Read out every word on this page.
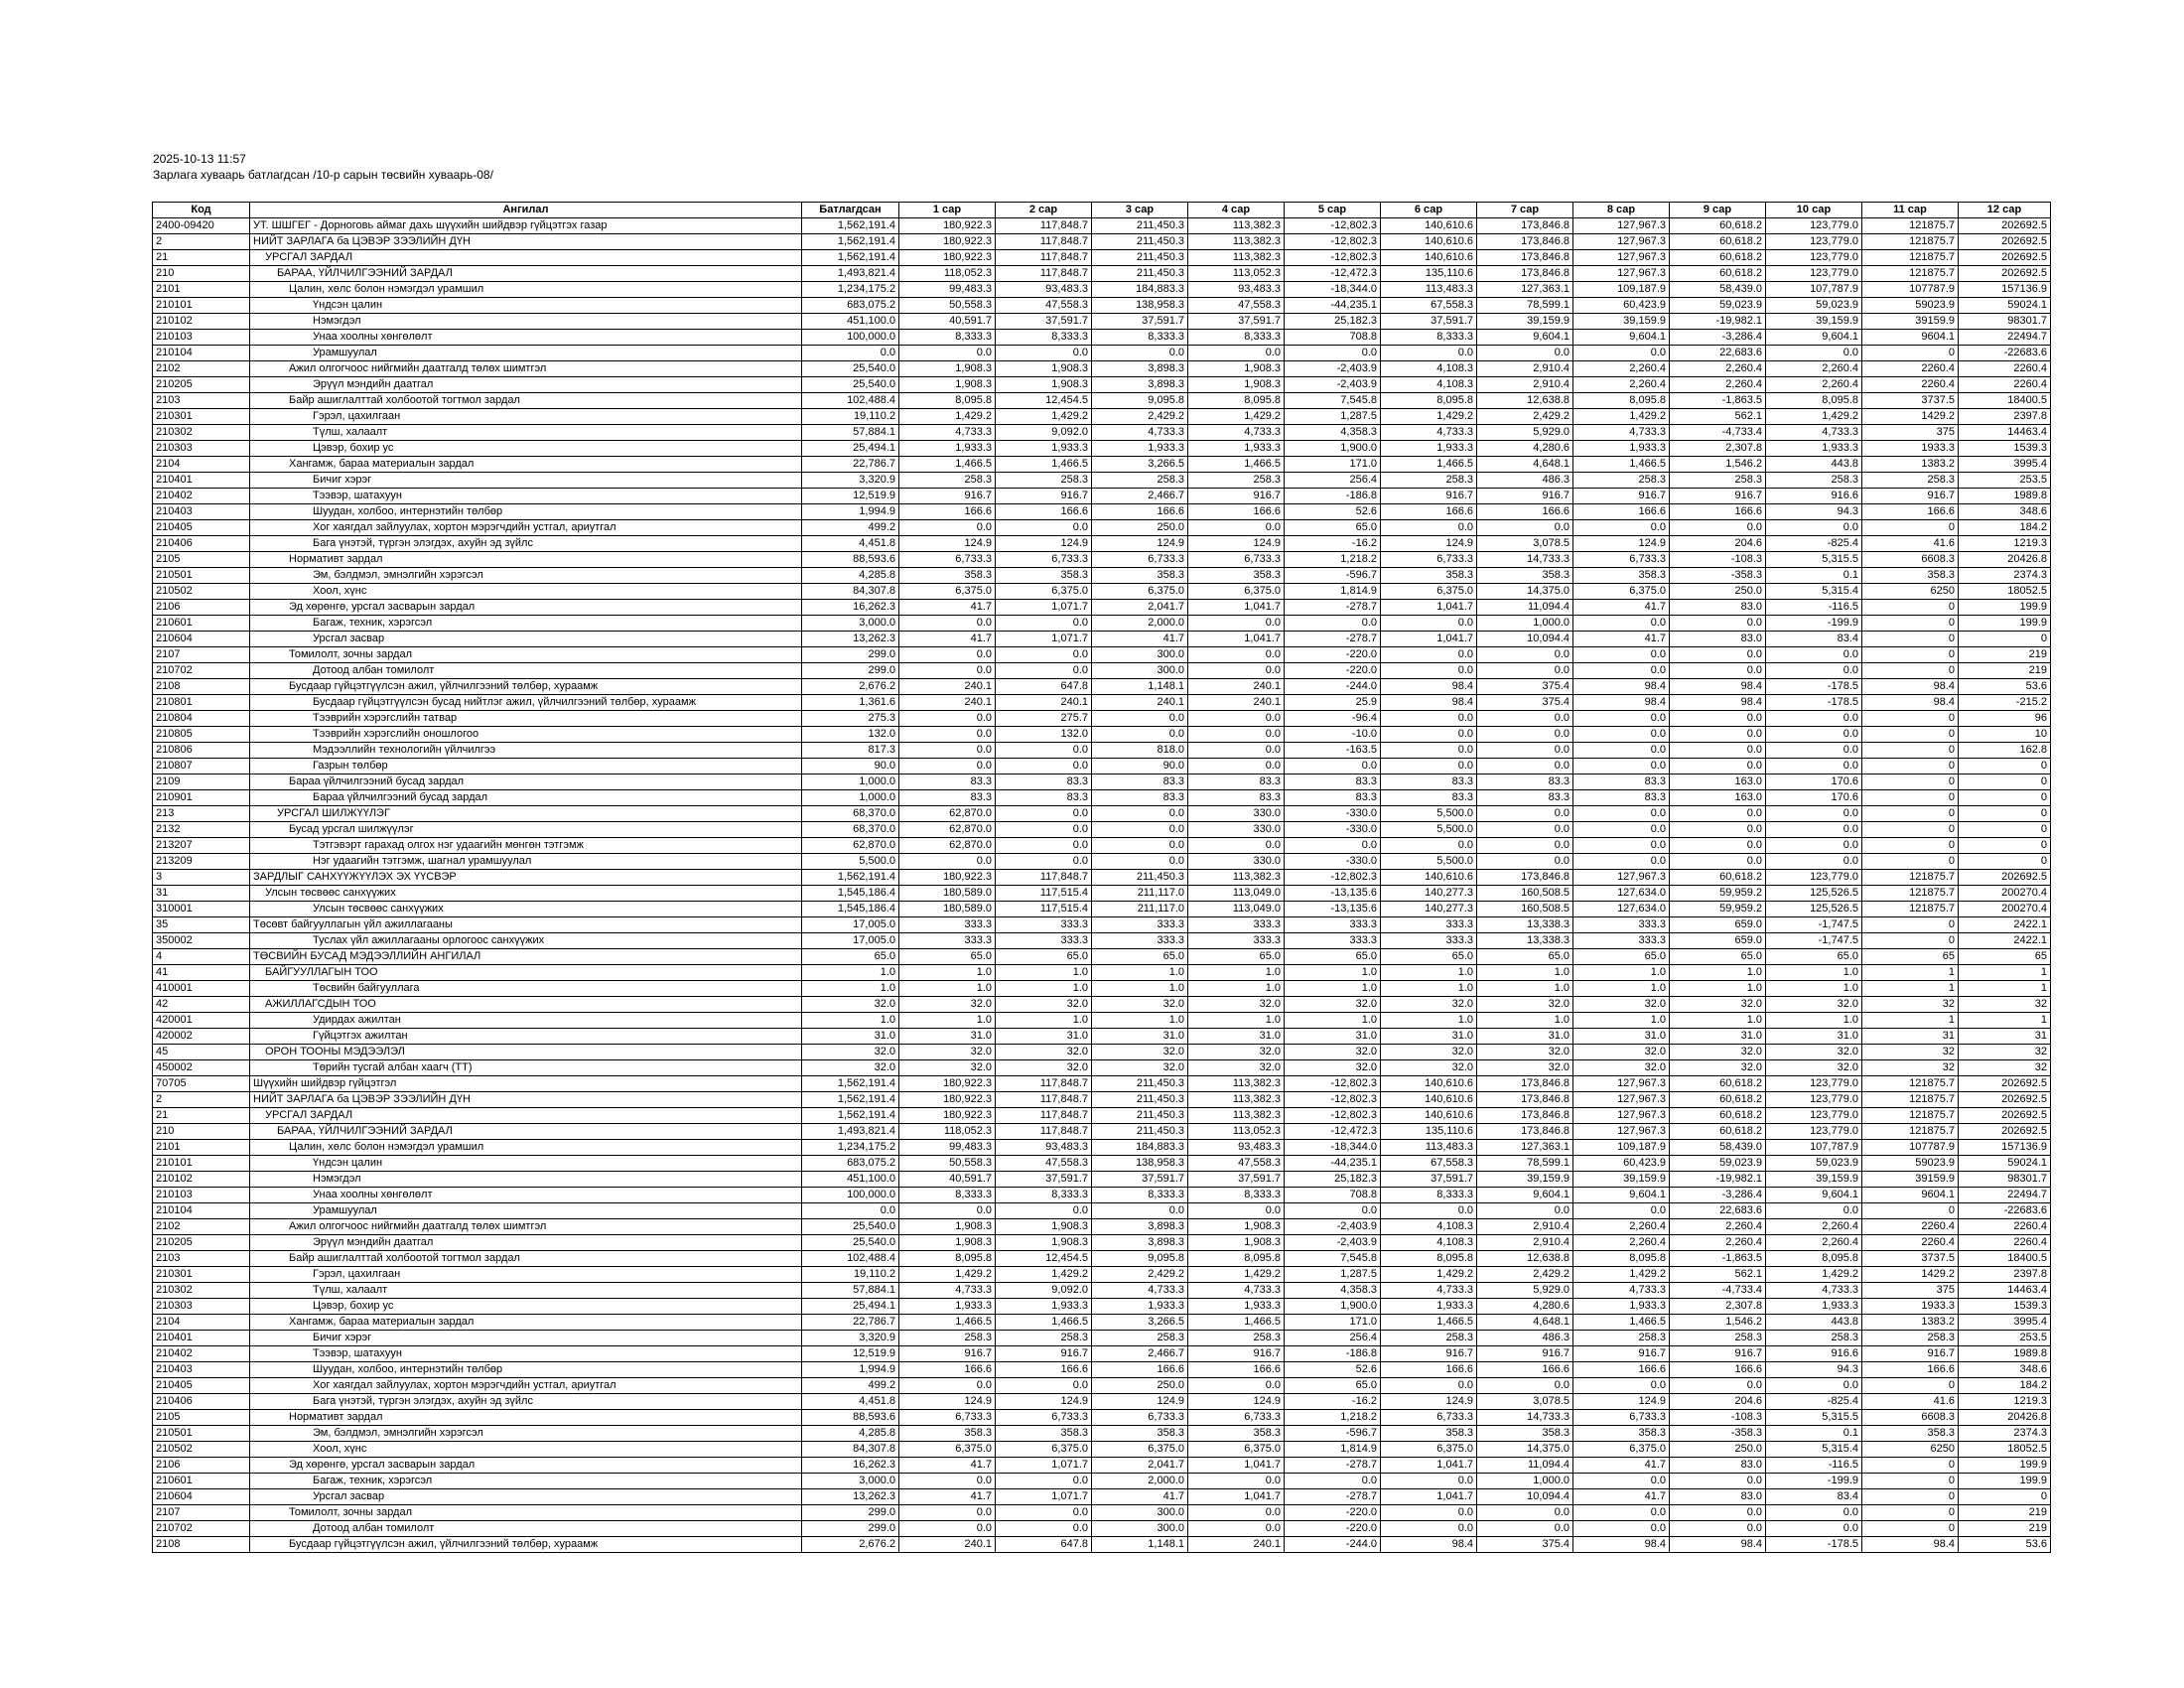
2025-10-13 11:57
Зарлага хуваарь батлагдсан /10-р сарын төсвийн хуваарь-08/
Код	Ангилал	Батлагдсан	1 сар	2 сар	3 сар	4 сар	5 сар	6 сар	7 сар	8 сар	9 сар	10 сар	11 сар	12 сар
2400-09420	УТ. ШШГЕГ - Дорноговь аймаг дахь шүүхийн шийдвэр гүйцэтгэх газар	1,562,191.4	180,922.3	117,848.7	211,450.3	113,382.3	-12,802.3	140,610.6	173,846.8	127,967.3	60,618.2	123,779.0	121875.7	202692.5
2	НИЙТ ЗАРЛАГА ба ЦЭВЭР ЗЭЭЛИЙН ДҮН	1,562,191.4	180,922.3	117,848.7	211,450.3	113,382.3	-12,802.3	140,610.6	173,846.8	127,967.3	60,618.2	123,779.0	121875.7	202692.5
21	УРСГАЛ ЗАРДАЛ	1,562,191.4	180,922.3	117,848.7	211,450.3	113,382.3	-12,802.3	140,610.6	173,846.8	127,967.3	60,618.2	123,779.0	121875.7	202692.5
210	БАРАА, ҮЙЛЧИЛГЭЭНИЙ ЗАРДАЛ	1,493,821.4	118,052.3	117,848.7	211,450.3	113,052.3	-12,472.3	135,110.6	173,846.8	127,967.3	60,618.2	123,779.0	121875.7	202692.5
2101	Цалин, хөлс болон нэмэгдэл урамшил	1,234,175.2	99,483.3	93,483.3	184,883.3	93,483.3	-18,344.0	113,483.3	127,363.1	109,187.9	58,439.0	107,787.9	107787.9	157136.9
210101	Үндсэн цалин	683,075.2	50,558.3	47,558.3	138,958.3	47,558.3	-44,235.1	67,558.3	78,599.1	60,423.9	59,023.9	59,023.9	59023.9	59024.1
210102	Нэмэгдэл	451,100.0	40,591.7	37,591.7	37,591.7	37,591.7	25,182.3	37,591.7	39,159.9	39,159.9	-19,982.1	39,159.9	39159.9	98301.7
210103	Унаа хоолны хөнгөлөлт	100,000.0	8,333.3	8,333.3	8,333.3	8,333.3	708.8	8,333.3	9,604.1	9,604.1	-3,286.4	9,604.1	9604.1	22494.7
210104	Урамшуулал	0.0	0.0	0.0	0.0	0.0	0.0	0.0	0.0	0.0	22,683.6	0.0	0	-22683.6
2102	Ажил олгогчоос нийгмийн даатгалд төлөх шимтгэл	25,540.0	1,908.3	1,908.3	3,898.3	1,908.3	-2,403.9	4,108.3	2,910.4	2,260.4	2,260.4	2,260.4	2260.4	2260.4
210205	Эрүүл мэндийн даатгал	25,540.0	1,908.3	1,908.3	3,898.3	1,908.3	-2,403.9	4,108.3	2,910.4	2,260.4	2,260.4	2,260.4	2260.4	2260.4
2103	Байр ашиглалттай холбоотой тогтмол зардал	102,488.4	8,095.8	12,454.5	9,095.8	8,095.8	7,545.8	8,095.8	12,638.8	8,095.8	-1,863.5	8,095.8	3737.5	18400.5
210301	Гэрэл, цахилгаан	19,110.2	1,429.2	1,429.2	2,429.2	1,429.2	1,287.5	1,429.2	2,429.2	1,429.2	562.1	1,429.2	1429.2	2397.8
210302	Түлш, халаалт	57,884.1	4,733.3	9,092.0	4,733.3	4,733.3	4,358.3	4,733.3	5,929.0	4,733.3	-4,733.4	4,733.3	375	14463.4
210303	Цэвэр, бохир ус	25,494.1	1,933.3	1,933.3	1,933.3	1,933.3	1,900.0	1,933.3	4,280.6	1,933.3	2,307.8	1,933.3	1933.3	1539.3
2104	Хангамж, бараа материалын зардал	22,786.7	1,466.5	1,466.5	3,266.5	1,466.5	171.0	1,466.5	4,648.1	1,466.5	1,546.2	443.8	1383.2	3995.4
210401	Бичиг хэрэг	3,320.9	258.3	258.3	258.3	258.3	256.4	258.3	486.3	258.3	258.3	258.3	258.3	253.5
210402	Тээвэр, шатахуун	12,519.9	916.7	916.7	2,466.7	916.7	-186.8	916.7	916.7	916.7	916.7	916.6	916.7	1989.8
210403	Шуудан, холбоо, интернэтийн төлбөр	1,994.9	166.6	166.6	166.6	166.6	52.6	166.6	166.6	166.6	166.6	94.3	166.6	348.6
210405	Хог хаягдал зайлуулах, хортон мэрэгчдийн устгал, ариутгал	499.2	0.0	0.0	250.0	0.0	65.0	0.0	0.0	0.0	0.0	0.0	0	184.2
210406	Бага үнэтэй, түргэн элэгдэх, ахуйн эд зүйлс	4,451.8	124.9	124.9	124.9	124.9	-16.2	124.9	3,078.5	124.9	204.6	-825.4	41.6	1219.3
2105	Нормативт зардал	88,593.6	6,733.3	6,733.3	6,733.3	6,733.3	1,218.2	6,733.3	14,733.3	6,733.3	-108.3	5,315.5	6608.3	20426.8
210501	Эм, бэлдмэл, эмнэлгийн хэрэгсэл	4,285.8	358.3	358.3	358.3	358.3	-596.7	358.3	358.3	358.3	-358.3	0.1	358.3	2374.3
210502	Хоол, хүнс	84,307.8	6,375.0	6,375.0	6,375.0	6,375.0	1,814.9	6,375.0	14,375.0	6,375.0	250.0	5,315.4	6250	18052.5
2106	Эд хөрөнгө, урсгал засварын зардал	16,262.3	41.7	1,071.7	2,041.7	1,041.7	-278.7	1,041.7	11,094.4	41.7	83.0	-116.5	0	199.9
210601	Багаж, техник, хэрэгсэл	3,000.0	0.0	0.0	2,000.0	0.0	0.0	0.0	1,000.0	0.0	0.0	-199.9	0	199.9
210604	Урсгал засвар	13,262.3	41.7	1,071.7	41.7	1,041.7	-278.7	1,041.7	10,094.4	41.7	83.0	83.4	0	0
2107	Томилолт, зочны зардал	299.0	0.0	0.0	300.0	0.0	-220.0	0.0	0.0	0.0	0.0	0.0	0	219
210702	Дотоод албан томилолт	299.0	0.0	0.0	300.0	0.0	-220.0	0.0	0.0	0.0	0.0	0.0	0	219
2108	Бусдаар гүйцэтгүүлсэн ажил, үйлчилгээний төлбөр, хураамж	2,676.2	240.1	647.8	1,148.1	240.1	-244.0	98.4	375.4	98.4	98.4	-178.5	98.4	53.6
210801	Бусдаар гүйцэтгүүлсэн бусад нийтлэг ажил, үйлчилгээний төлбөр, хураамж	1,361.6	240.1	240.1	240.1	240.1	25.9	98.4	375.4	98.4	98.4	-178.5	98.4	-215.2
210804	Тээврийн хэрэгслийн татвар	275.3	0.0	275.7	0.0	0.0	-96.4	0.0	0.0	0.0	0.0	0.0	0	96
210805	Тээврийн хэрэгслийн оношлогоо	132.0	0.0	132.0	0.0	0.0	-10.0	0.0	0.0	0.0	0.0	0.0	0	10
210806	Мэдээллийн технологийн үйлчилгээ	817.3	0.0	0.0	818.0	0.0	-163.5	0.0	0.0	0.0	0.0	0.0	0	162.8
210807	Газрын төлбөр	90.0	0.0	0.0	90.0	0.0	0.0	0.0	0.0	0.0	0.0	0.0	0	0
2109	Бараа үйлчилгээний бусад зардал	1,000.0	83.3	83.3	83.3	83.3	83.3	83.3	83.3	83.3	163.0	170.6	0	0
210901	Бараа үйлчилгээний бусад зардал	1,000.0	83.3	83.3	83.3	83.3	83.3	83.3	83.3	83.3	163.0	170.6	0	0
213	УРСГАЛ ШИЛЖҮҮЛЭГ	68,370.0	62,870.0	0.0	0.0	330.0	-330.0	5,500.0	0.0	0.0	0.0	0.0	0	0
2132	Бусад урсгал шилжүүлэг	68,370.0	62,870.0	0.0	0.0	330.0	-330.0	5,500.0	0.0	0.0	0.0	0.0	0	0
213207	Тэтгэвэрт гарахад олгох нэг удаагийн мөнгөн тэтгэмж	62,870.0	62,870.0	0.0	0.0	0.0	0.0	0.0	0.0	0.0	0.0	0.0	0	0
213209	Нэг удаагийн тэтгэмж, шагнал урамшуулал	5,500.0	0.0	0.0	0.0	330.0	-330.0	5,500.0	0.0	0.0	0.0	0.0	0	0
3	ЗАРДЛЫГ САНХҮҮЖҮҮЛЭХ ЭХ ҮҮСВЭР	1,562,191.4	180,922.3	117,848.7	211,450.3	113,382.3	-12,802.3	140,610.6	173,846.8	127,967.3	60,618.2	123,779.0	121875.7	202692.5
31	Улсын төсвөөс санхүүжих	1,545,186.4	180,589.0	117,515.4	211,117.0	113,049.0	-13,135.6	140,277.3	160,508.5	127,634.0	59,959.2	125,526.5	121875.7	200270.4
310001	Улсын төсвөөс санхүүжих	1,545,186.4	180,589.0	117,515.4	211,117.0	113,049.0	-13,135.6	140,277.3	160,508.5	127,634.0	59,959.2	125,526.5	121875.7	200270.4
35	Төсөвт байгууллагын үйл ажиллагааны	17,005.0	333.3	333.3	333.3	333.3	333.3	333.3	13,338.3	333.3	659.0	-1,747.5	0	2422.1
350002	Туслах үйл ажиллагааны орлогоос санхүүжих	17,005.0	333.3	333.3	333.3	333.3	333.3	333.3	13,338.3	333.3	659.0	-1,747.5	0	2422.1
4	ТӨСВИЙН БУСАД МЭДЭЭЛЛИЙН АНГИЛАЛ	65.0	65.0	65.0	65.0	65.0	65.0	65.0	65.0	65.0	65.0	65.0	65	65
41	БАЙГУУЛЛАГЫН ТОО	1.0	1.0	1.0	1.0	1.0	1.0	1.0	1.0	1.0	1.0	1.0	1	1
410001	Төсвийн байгууллага	1.0	1.0	1.0	1.0	1.0	1.0	1.0	1.0	1.0	1.0	1.0	1	1
42	АЖИЛЛАГСДЫН ТОО	32.0	32.0	32.0	32.0	32.0	32.0	32.0	32.0	32.0	32.0	32.0	32	32
420001	Удирдах ажилтан	1.0	1.0	1.0	1.0	1.0	1.0	1.0	1.0	1.0	1.0	1.0	1	1
420002	Гүйцэтгэх ажилтан	31.0	31.0	31.0	31.0	31.0	31.0	31.0	31.0	31.0	31.0	31.0	31	31
45	ОРОН ТООНЫ МЭДЭЭЛЭЛ	32.0	32.0	32.0	32.0	32.0	32.0	32.0	32.0	32.0	32.0	32.0	32	32
450002	Төрийн тусгай албан хаагч (ТТ)	32.0	32.0	32.0	32.0	32.0	32.0	32.0	32.0	32.0	32.0	32.0	32	32
70705	Шүүхийн шийдвэр гүйцэтгэл	1,562,191.4	180,922.3	117,848.7	211,450.3	113,382.3	-12,802.3	140,610.6	173,846.8	127,967.3	60,618.2	123,779.0	121875.7	202692.5
2	НИЙТ ЗАРЛАГА ба ЦЭВЭР ЗЭЭЛИЙН ДҮН	1,562,191.4	180,922.3	117,848.7	211,450.3	113,382.3	-12,802.3	140,610.6	173,846.8	127,967.3	60,618.2	123,779.0	121875.7	202692.5
21	УРСГАЛ ЗАРДАЛ	1,562,191.4	180,922.3	117,848.7	211,450.3	113,382.3	-12,802.3	140,610.6	173,846.8	127,967.3	60,618.2	123,779.0	121875.7	202692.5
210	БАРАА, ҮЙЛЧИЛГЭЭНИЙ ЗАРДАЛ	1,493,821.4	118,052.3	117,848.7	211,450.3	113,052.3	-12,472.3	135,110.6	173,846.8	127,967.3	60,618.2	123,779.0	121875.7	202692.5
2101	Цалин, хөлс болон нэмэгдэл урамшил	1,234,175.2	99,483.3	93,483.3	184,883.3	93,483.3	-18,344.0	113,483.3	127,363.1	109,187.9	58,439.0	107,787.9	107787.9	157136.9
210101	Үндсэн цалин	683,075.2	50,558.3	47,558.3	138,958.3	47,558.3	-44,235.1	67,558.3	78,599.1	60,423.9	59,023.9	59,023.9	59023.9	59024.1
210102	Нэмэгдэл	451,100.0	40,591.7	37,591.7	37,591.7	37,591.7	25,182.3	37,591.7	39,159.9	39,159.9	-19,982.1	39,159.9	39159.9	98301.7
210103	Унаа хоолны хөнгөлөлт	100,000.0	8,333.3	8,333.3	8,333.3	8,333.3	708.8	8,333.3	9,604.1	9,604.1	-3,286.4	9,604.1	9604.1	22494.7
210104	Урамшуулал	0.0	0.0	0.0	0.0	0.0	0.0	0.0	0.0	0.0	22,683.6	0.0	0	-22683.6
2102	Ажил олгогчоос нийгмийн даатгалд төлөх шимтгэл	25,540.0	1,908.3	1,908.3	3,898.3	1,908.3	-2,403.9	4,108.3	2,910.4	2,260.4	2,260.4	2,260.4	2260.4	2260.4
210205	Эрүүл мэндийн даатгал	25,540.0	1,908.3	1,908.3	3,898.3	1,908.3	-2,403.9	4,108.3	2,910.4	2,260.4	2,260.4	2,260.4	2260.4	2260.4
2103	Байр ашиглалттай холбоотой тогтмол зардал	102,488.4	8,095.8	12,454.5	9,095.8	8,095.8	7,545.8	8,095.8	12,638.8	8,095.8	-1,863.5	8,095.8	3737.5	18400.5
210301	Гэрэл, цахилгаан	19,110.2	1,429.2	1,429.2	2,429.2	1,429.2	1,287.5	1,429.2	2,429.2	1,429.2	562.1	1,429.2	1429.2	2397.8
210302	Түлш, халаалт	57,884.1	4,733.3	9,092.0	4,733.3	4,733.3	4,358.3	4,733.3	5,929.0	4,733.3	-4,733.4	4,733.3	375	14463.4
210303	Цэвэр, бохир ус	25,494.1	1,933.3	1,933.3	1,933.3	1,933.3	1,900.0	1,933.3	4,280.6	1,933.3	2,307.8	1,933.3	1933.3	1539.3
2104	Хангамж, бараа материалын зардал	22,786.7	1,466.5	1,466.5	3,266.5	1,466.5	171.0	1,466.5	4,648.1	1,466.5	1,546.2	443.8	1383.2	3995.4
210401	Бичиг хэрэг	3,320.9	258.3	258.3	258.3	258.3	256.4	258.3	486.3	258.3	258.3	258.3	258.3	253.5
210402	Тээвэр, шатахуун	12,519.9	916.7	916.7	2,466.7	916.7	-186.8	916.7	916.7	916.7	916.7	916.6	916.7	1989.8
210403	Шуудан, холбоо, интернэтийн төлбөр	1,994.9	166.6	166.6	166.6	166.6	52.6	166.6	166.6	166.6	166.6	94.3	166.6	348.6
210405	Хог хаягдал зайлуулах, хортон мэрэгчдийн устгал, ариутгал	499.2	0.0	0.0	250.0	0.0	65.0	0.0	0.0	0.0	0.0	0.0	0	184.2
210406	Бага үнэтэй, түргэн элэгдэх, ахуйн эд зүйлс	4,451.8	124.9	124.9	124.9	124.9	-16.2	124.9	3,078.5	124.9	204.6	-825.4	41.6	1219.3
2105	Нормативт зардал	88,593.6	6,733.3	6,733.3	6,733.3	6,733.3	1,218.2	6,733.3	14,733.3	6,733.3	-108.3	5,315.5	6608.3	20426.8
210501	Эм, бэлдмэл, эмнэлгийн хэрэгсэл	4,285.8	358.3	358.3	358.3	358.3	-596.7	358.3	358.3	358.3	-358.3	0.1	358.3	2374.3
210502	Хоол, хүнс	84,307.8	6,375.0	6,375.0	6,375.0	6,375.0	1,814.9	6,375.0	14,375.0	6,375.0	250.0	5,315.4	6250	18052.5
2106	Эд хөрөнгө, урсгал засварын зардал	16,262.3	41.7	1,071.7	2,041.7	1,041.7	-278.7	1,041.7	11,094.4	41.7	83.0	-116.5	0	199.9
210601	Багаж, техник, хэрэгсэл	3,000.0	0.0	0.0	2,000.0	0.0	0.0	0.0	1,000.0	0.0	0.0	-199.9	0	199.9
210604	Урсгал засвар	13,262.3	41.7	1,071.7	41.7	1,041.7	-278.7	1,041.7	10,094.4	41.7	83.0	83.4	0	0
2107	Томилолт, зочны зардал	299.0	0.0	0.0	300.0	0.0	-220.0	0.0	0.0	0.0	0.0	0.0	0	219
210702	Дотоод албан томилолт	299.0	0.0	0.0	300.0	0.0	-220.0	0.0	0.0	0.0	0.0	0.0	0	219
2108	Бусдаар гүйцэтгүүлсэн ажил, үйлчилгээний төлбөр, хураамж	2,676.2	240.1	647.8	1,148.1	240.1	-244.0	98.4	375.4	98.4	98.4	-178.5	98.4	53.6
